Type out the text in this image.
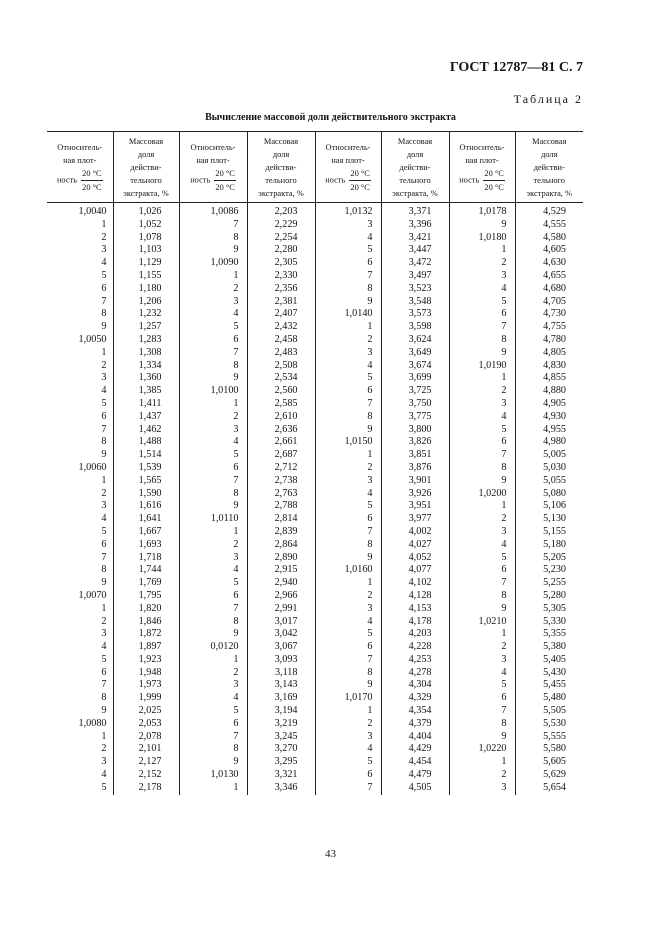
ГОСТ 12787—81 С. 7
Таблица 2
Вычисление массовой доли действительного экстракта
Относитель-
ная плот-
ность $\frac{20 ^\circ C}{20 ^\circ C}$	Массовая
доля
действи-
тельного
экстракта, %	Относитель-
ная плот-
ность $\frac{20 ^\circ C}{20 ^\circ C}$	Массовая
доля
действи-
тельного
экстракта, %	Относитель-
ная плот-
ность $\frac{20 ^\circ C}{20 ^\circ C}$	Массовая
доля
действи-
тельного
экстракта, %	Относитель-
ная плот-
ность $\frac{20 ^\circ C}{20 ^\circ C}$	Массовая
доля
действи-
тельного
экстракта, %
1,0040	1,026	1,0086	2,203	1,0132	3,371	1,0178	4,529
1	1,052	7	2,229	3	3,396	9	4,555
2	1,078	8	2,254	4	3,421	1,0180	4,580
3	1,103	9	2,280	5	3,447	1	4,605
4	1,129	1,0090	2,305	6	3,472	2	4,630
5	1,155	1	2,330	7	3,497	3	4,655
6	1,180	2	2,356	8	3,523	4	4,680
7	1,206	3	2,381	9	3,548	5	4,705
8	1,232	4	2,407	1,0140	3,573	6	4,730
9	1,257	5	2,432	1	3,598	7	4,755
1,0050	1,283	6	2,458	2	3,624	8	4,780
1	1,308	7	2,483	3	3,649	9	4,805
2	1,334	8	2,508	4	3,674	1,0190	4,830
3	1,360	9	2,534	5	3,699	1	4,855
4	1,385	1,0100	2,560	6	3,725	2	4,880
5	1,411	1	2,585	7	3,750	3	4,905
6	1,437	2	2,610	8	3,775	4	4,930
7	1,462	3	2,636	9	3,800	5	4,955
8	1,488	4	2,661	1,0150	3,826	6	4,980
9	1,514	5	2,687	1	3,851	7	5,005
1,0060	1,539	6	2,712	2	3,876	8	5,030
1	1,565	7	2,738	3	3,901	9	5,055
2	1,590	8	2,763	4	3,926	1,0200	5,080
3	1,616	9	2,788	5	3,951	1	5,106
4	1,641	1,0110	2,814	6	3,977	2	5,130
5	1,667	1	2,839	7	4,002	3	5,155
6	1,693	2	2,864	8	4,027	4	5,180
7	1,718	3	2,890	9	4,052	5	5,205
8	1,744	4	2,915	1,0160	4,077	6	5,230
9	1,769	5	2,940	1	4,102	7	5,255
1,0070	1,795	6	2,966	2	4,128	8	5,280
1	1,820	7	2,991	3	4,153	9	5,305
2	1,846	8	3,017	4	4,178	1,0210	5,330
3	1,872	9	3,042	5	4,203	1	5,355
4	1,897	0,0120	3,067	6	4,228	2	5,380
5	1,923	1	3,093	7	4,253	3	5,405
6	1,948	2	3,118	8	4,278	4	5,430
7	1,973	3	3,143	9	4,304	5	5,455
8	1,999	4	3,169	1,0170	4,329	6	5,480
9	2,025	5	3,194	1	4,354	7	5,505
1,0080	2,053	6	3,219	2	4,379	8	5,530
1	2,078	7	3,245	3	4,404	9	5,555
2	2,101	8	3,270	4	4,429	1,0220	5,580
3	2,127	9	3,295	5	4,454	1	5,605
4	2,152	1,0130	3,321	6	4,479	2	5,629
5	2,178	1	3,346	7	4,505	3	5,654
43
